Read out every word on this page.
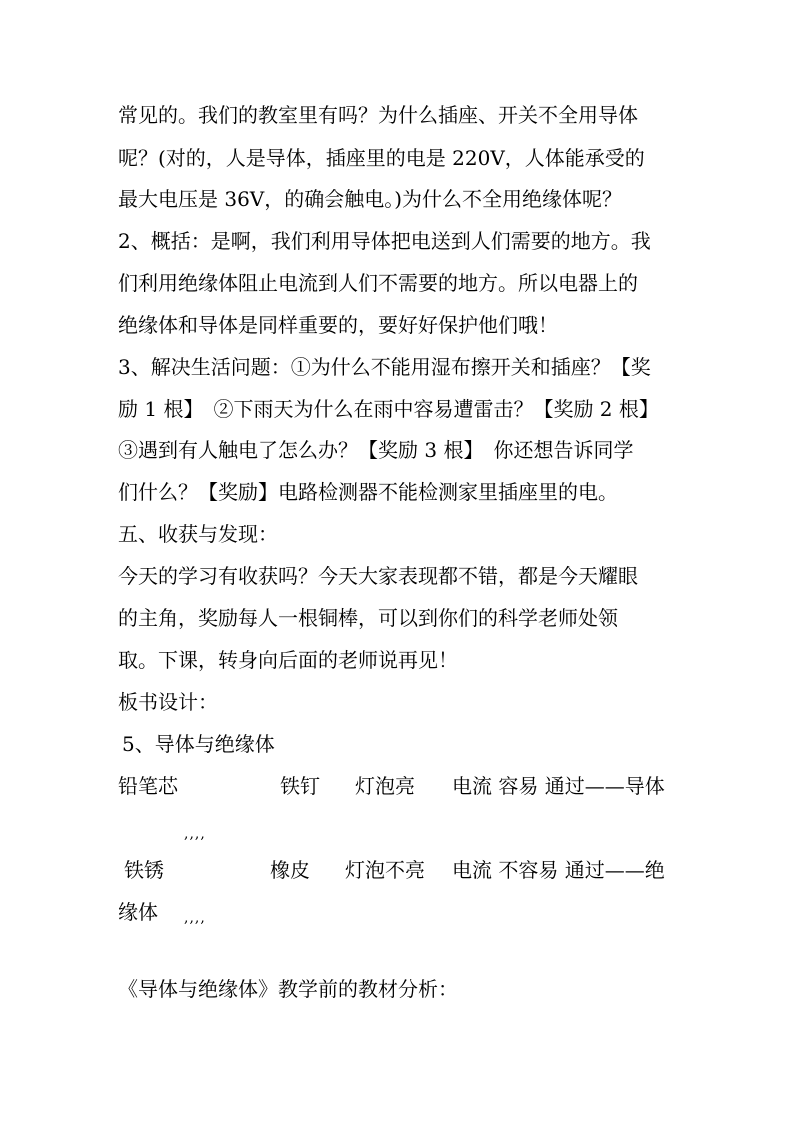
常见的。我们的教室里有吗？为什么插座、开关不全用导体
呢？(对的，人是导体，插座里的电是 220V，人体能承受的
最大电压是 36V，的确会触电。)为什么不全用绝缘体呢？
2、概括：是啊，我们利用导体把电送到人们需要的地方。我
们利用绝缘体阻止电流到人们不需要的地方。所以电器上的
绝缘体和导体是同样重要的，要好好保护他们哦！
3、解决生活问题：①为什么不能用湿布擦开关和插座？【奖
励 1 根】　②下雨天为什么在雨中容易遭雷击？【奖励 2 根】
③遇到有人触电了怎么办？【奖励 3 根】　你还想告诉同学
们什么？【奖励】电路检测器不能检测家里插座里的电。
五、收获与发现：
今天的学习有收获吗？今天大家表现都不错，都是今天耀眼
的主角，奖励每人一根铜棒，可以到你们的科学老师处领
取。下课，转身向后面的老师说再见！
板书设计：
5、导体与绝缘体
铅笔芯	铁钉 灯泡亮 电流 容易 通过——导体
,,,,
铁锈	橡皮 灯泡不亮 电流 不容易 通过——绝
缘体 ,,,,
《导体与绝缘体》教学前的教材分析：
